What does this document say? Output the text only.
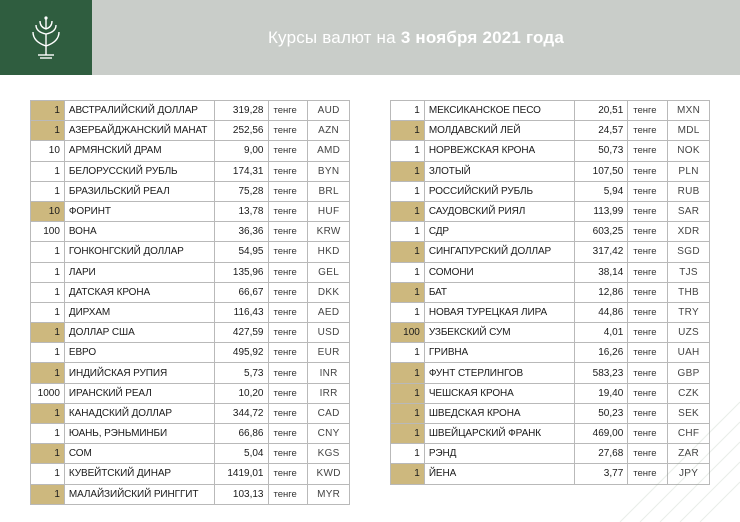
Курсы валют на 3 ноября 2021 года
1	АВСТРАЛИЙСКИЙ ДОЛЛАР	319,28	тенге	AUD
1	АЗЕРБАЙДЖАНСКИЙ МАНАТ	252,56	тенге	AZN
10	АРМЯНСКИЙ ДРАМ	9,00	тенге	AMD
1	БЕЛОРУССКИЙ РУБЛЬ	174,31	тенге	BYN
1	БРАЗИЛЬСКИЙ РЕАЛ	75,28	тенге	BRL
10	ФОРИНТ	13,78	тенге	HUF
100	ВОНА	36,36	тенге	KRW
1	ГОНКОНГСКИЙ ДОЛЛАР	54,95	тенге	HKD
1	ЛАРИ	135,96	тенге	GEL
1	ДАТСКАЯ КРОНА	66,67	тенге	DKK
1	ДИРХАМ	116,43	тенге	AED
1	ДОЛЛАР США	427,59	тенге	USD
1	ЕВРО	495,92	тенге	EUR
1	ИНДИЙСКАЯ РУПИЯ	5,73	тенге	INR
1000	ИРАНСКИЙ РЕАЛ	10,20	тенге	IRR
1	КАНАДСКИЙ ДОЛЛАР	344,72	тенге	CAD
1	ЮАНЬ, РЭНЬМИНБИ	66,86	тенге	CNY
1	СОМ	5,04	тенге	KGS
1	КУВЕЙТСКИЙ ДИНАР	1419,01	тенге	KWD
1	МАЛАЙЗИЙСКИЙ РИНГГИТ	103,13	тенге	MYR
1	МЕКСИКАНСКОЕ ПЕСО	20,51	тенге	MXN
1	МОЛДАВСКИЙ ЛЕЙ	24,57	тенге	MDL
1	НОРВЕЖСКАЯ КРОНА	50,73	тенге	NOK
1	ЗЛОТЫЙ	107,50	тенге	PLN
1	РОССИЙСКИЙ РУБЛЬ	5,94	тенге	RUB
1	САУДОВСКИЙ РИЯЛ	113,99	тенге	SAR
1	СДР	603,25	тенге	XDR
1	СИНГАПУРСКИЙ ДОЛЛАР	317,42	тенге	SGD
1	СОМОНИ	38,14	тенге	TJS
1	БАТ	12,86	тенге	THB
1	НОВАЯ ТУРЕЦКАЯ ЛИРА	44,86	тенге	TRY
100	УЗБЕКСКИЙ СУМ	4,01	тенге	UZS
1	ГРИВНА	16,26	тенге	UAH
1	ФУНТ СТЕРЛИНГОВ	583,23	тенге	GBP
1	ЧЕШСКАЯ КРОНА	19,40	тенге	CZK
1	ШВЕДСКАЯ КРОНА	50,23	тенге	SEK
1	ШВЕЙЦАРСКИЙ ФРАНК	469,00	тенге	CHF
1	РЭНД	27,68	тенге	ZAR
1	ЙЕНА	3,77	тенге	JPY
